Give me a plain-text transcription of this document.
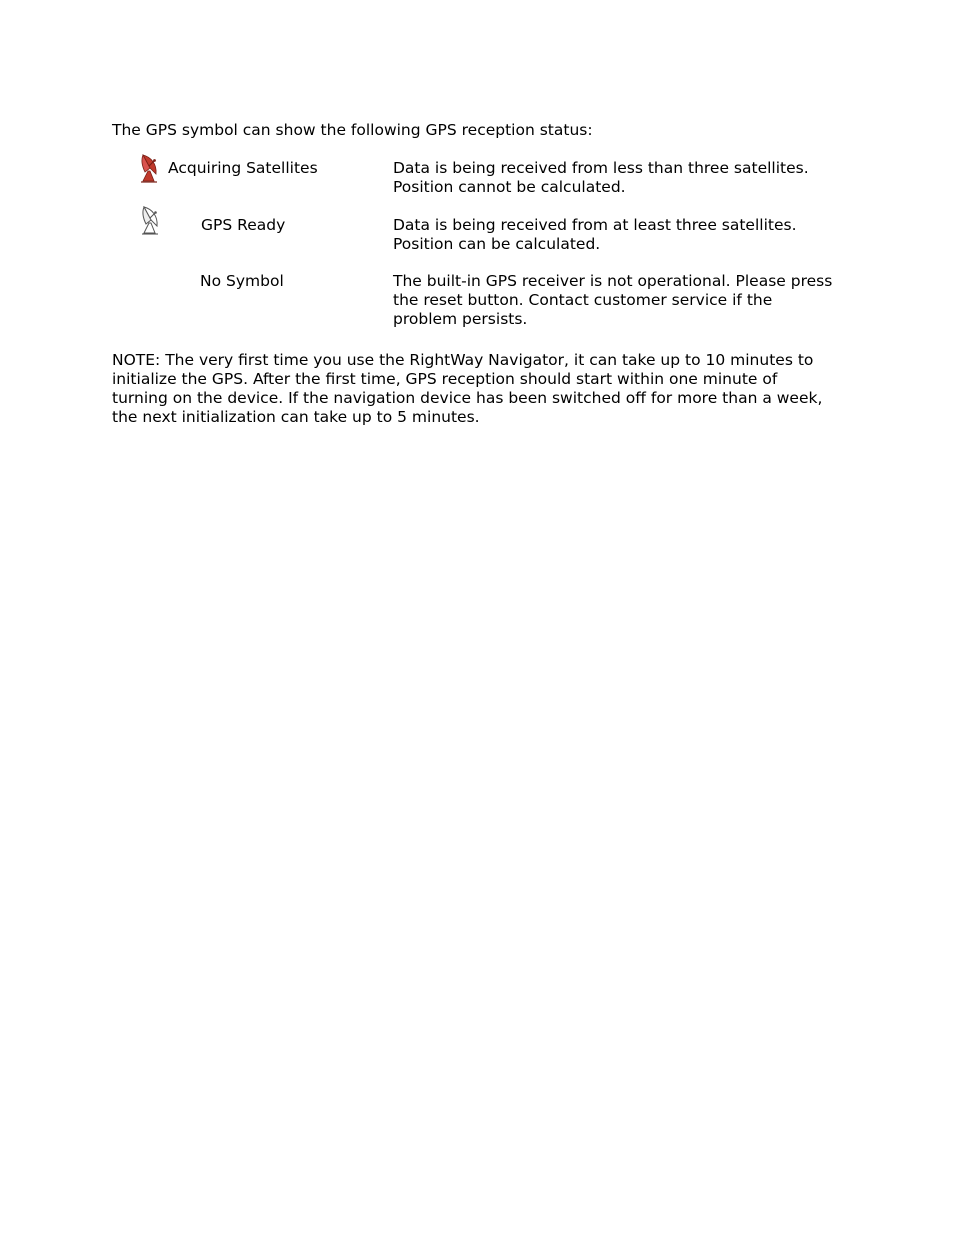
The GPS symbol can show the following GPS reception status:

Acquiring Satellites	Data is being received from less than three satellites.
Position cannot be calculated.

GPS Ready	Data is being received from at least three satellites.
Position can be calculated.

No Symbol	The built-in GPS receiver is not operational. Please press
the reset button. Contact customer service if the
problem persists.

NOTE: The very first time you use the RightWay Navigator, it can take up to 10 minutes to
initialize the GPS. After the first time, GPS reception should start within one minute of
turning on the device. If the navigation device has been switched off for more than a week,
the next initialization can take up to 5 minutes.
